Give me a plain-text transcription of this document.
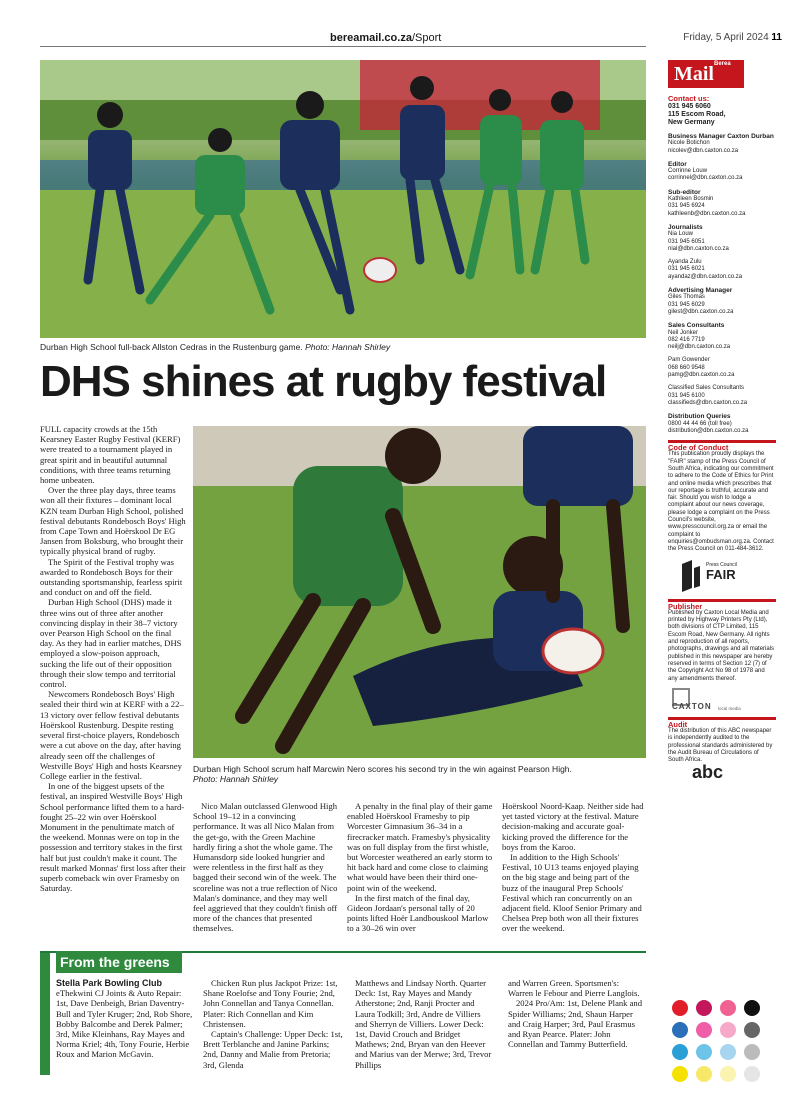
bereamail.co.za/Sport	Friday, 5 April 2024 11
Durban High School full-back Allston Cedras in the Rustenburg game. Photo: Hannah Shirley
DHS shines at rugby festival

FULL capacity crowds at the 15th Kearsney Easter Rugby Festival (KERF) were treated to a tournament played in great spirit and in beautiful autumnal conditions, with three teams returning home unbeaten.

Over the three play days, three teams won all their fixtures – dominant local KZN team Durban High School, polished festival debutants Rondebosch Boys' High from Cape Town and Hoërskool Dr EG Jansen from Boksburg, who brought their typically physical brand of rugby.

The Spirit of the Festival trophy was awarded to Rondebosch Boys for their outstanding sportsmanship, fearless spirit and conduct on and off the field.

Durban High School (DHS) made it three wins out of three after another convincing display in their 38–7 victory over Pearson High School on the final day. As they had in earlier matches, DHS employed a slow-poison approach, sucking the life out of their opposition through their slow tempo and territorial control.

Newcomers Rondebosch Boys' High sealed their third win at KERF with a 22–13 victory over fellow festival debutants Hoërskool Rustenburg. Despite resting several first-choice players, Rondebosch were a cut above on the day, after having already seen off the challenges of Westville Boys' High and hosts Kearsney College earlier in the festival.

In one of the biggest upsets of the festival, an inspired Westville Boys' High School performance lifted them to a hard-fought 25–22 win over Hoërskool Monument in the penultimate match of the weekend. Monnas were on top in the possession and territory stakes in the first half but just couldn't make it count. The result marked Monnas' first loss after their superb comeback win over Framesby on Saturday.

Durban High School scrum half Marcwin Nero scores his second try in the win against Pearson High.
Photo: Hannah Shirley

Nico Malan outclassed Glenwood High School 19–12 in a convincing performance. It was all Nico Malan from the get-go, with the Green Machine hardly firing a shot the whole game. The Humansdorp side looked hungrier and were relentless in the first half as they bagged their second win of the week. The scoreline was not a true reflection of Nico Malan's dominance, and they may well feel aggrieved that they couldn't finish off more of the chances that presented themselves.

A penalty in the final play of their game enabled Hoërskool Framesby to pip Worcester Gimnasium 36–34 in a firecracker match. Framesby's physicality was on full display from the first whistle, but Worcester weathered an early storm to hit back hard and come close to claiming what would have been their third one-point win of the weekend.

In the first match of the final day, Gideon Jordaan's personal tally of 20 points lifted Hoër Landbouskool Marlow to a 30–26 win over

Hoërskool Noord-Kaap. Neither side had yet tasted victory at the festival. Mature decision-making and accurate goal-kicking proved the difference for the boys from the Karoo.

In addition to the High Schools' Festival, 10 U13 teams enjoyed playing on the big stage and being part of the buzz of the inaugural Prep Schools' Festival which ran concurrently on an adjacent field. Kloof Senior Primary and Chelsea Prep both won all their fixtures over the weekend.

From the greens
Stella Park Bowling Club
eThekwini CJ Joints & Auto Repair: 1st, Dave Denbeigh, Brian Daventry-Bull and Tyler Kruger; 2nd, Rob Shore, Bobby Balcombe and Derek Palmer; 3rd, Mike Kleinhans, Ray Mayes and Norma Kriel; 4th, Tony Fourie, Herbie Roux and Marion McGavin.
Chicken Run plus Jackpot Prize: 1st, Shane Roelofse and Tony Fourie; 2nd, John Connellan and Tanya Connellan. Plater: Rich Connellan and Kim Christensen.
Captain's Challenge: Upper Deck: 1st, Brett Terblanche and Janine Parkins; 2nd, Danny and Malie from Pretoria; 3rd, Glenda
Matthews and Lindsay North. Quarter Deck: 1st, Ray Mayes and Mandy Atherstone; 2nd, Ranji Procter and Laura Todkill; 3rd, Andre de Villiers and Sherryn de Villiers. Lower Deck: 1st, David Crouch and Bridget Mathews; 2nd, Bryan van den Heever and Marius van der Merwe; 3rd, Trevor Phillips
and Warren Green. Sportsmen's: Warren le Febour and Pierre Langlois.
2024 Pro/Am: 1st, Delene Plank and Spider Williams; 2nd, Shaun Harper and Craig Harper; 3rd, Paul Erasmus and Ryan Pearce. Plater: John Connellan and Tammy Butterfield.
Mail Berea
Contact us:
031 945 6060
115 Escom Road,
New Germany
Business Manager Caxton Durban
Nicole Botichon
nicolev@dbn.caxton.co.za
Editor
Corrinne Louw
corrinnel@dbn.caxton.co.za
Sub-editor
Kathleen Bosmin
031 945 6924
kathleenb@dbn.caxton.co.za
Journalists
Nia Louw
031 945 6051
nial@dbn.caxton.co.za
Ayanda Zulu
031 945 6021
ayandaz@dbn.caxton.co.za
Advertising Manager
Giles Thomas
031 945 6029
gilest@dbn.caxton.co.za
Sales Consultants
Neil Jonker
082 416 7719
neilj@dbn.caxton.co.za
Pam Gowender
068 660 9548
pamg@dbn.caxton.co.za
Classified Sales Consultants
031 945 6100
classifieds@dbn.caxton.co.za
Distribution Queries
0800 44 44 66 (toll free)
distribution@dbn.caxton.co.za
Code of Conduct
This publication proudly displays the "FAIR" stamp of the Press Council of South Africa, indicating our commitment to adhere to the Code of Ethics for Print and online media which prescribes that our reportage is truthful, accurate and fair. Should you wish to lodge a complaint about our news coverage, please lodge a complaint on the Press Council's website, www.presscouncil.org.za or email the complaint to enquiries@ombudsman.org.za. Contact the Press Council on 011-484-3612.
Press Council
FAIR
Publisher
Published by Caxton Local Media and printed by Highway Printers Pty (Ltd), both divisions of CTP Limited, 115 Escom Road, New Germany. All rights and reproduction of all reports, photographs, drawings and all materials published in this newspaper are hereby reserved in terms of Section 12 (7) of the Copyright Act No 98 of 1978 and any amendments thereof.
CAXTON local media
Audit
The distribution of this ABC newspaper is independently audited to the professional standards administered by the Audit Bureau of Circulations of South Africa.
abc
